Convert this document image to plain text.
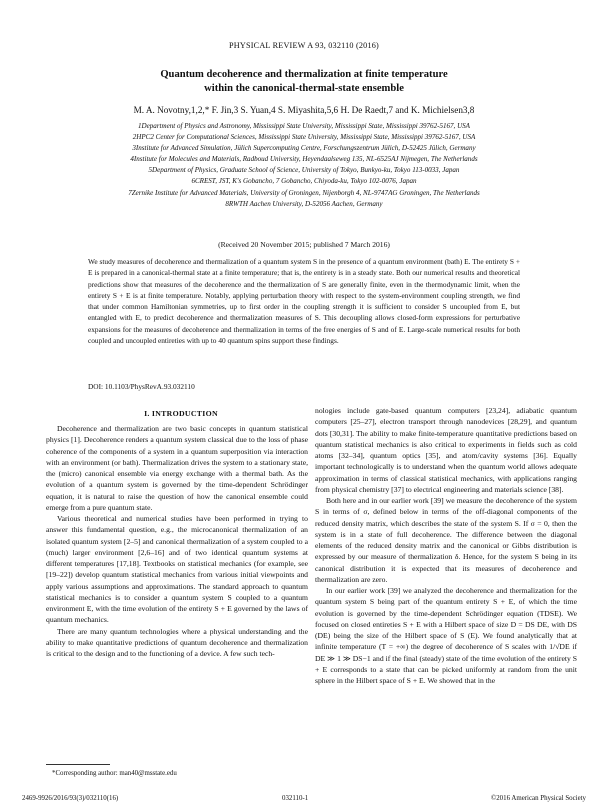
PHYSICAL REVIEW A 93, 032110 (2016)
Quantum decoherence and thermalization at finite temperature
within the canonical-thermal-state ensemble
M. A. Novotny,1,2,* F. Jin,3 S. Yuan,4 S. Miyashita,5,6 H. De Raedt,7 and K. Michielsen3,8
1Department of Physics and Astronomy, Mississippi State University, Mississippi State, Mississippi 39762-5167, USA
2HPC2 Center for Computational Sciences, Mississippi State University, Mississippi State, Mississippi 39762-5167, USA
3Institute for Advanced Simulation, Jülich Supercomputing Centre, Forschungszentrum Jülich, D-52425 Jülich, Germany
4Institute for Molecules and Materials, Radboud University, Heyendaalseweg 135, NL-6525AJ Nijmegen, The Netherlands
5Department of Physics, Graduate School of Science, University of Tokyo, Bunkyo-ku, Tokyo 113-0033, Japan
6CREST, JST, K's Gobancho, 7 Gobancho, Chiyoda-ku, Tokyo 102-0076, Japan
7Zernike Institute for Advanced Materials, University of Groningen, Nijenborgh 4, NL-9747AG Groningen, The Netherlands
8RWTH Aachen University, D-52056 Aachen, Germany
(Received 20 November 2015; published 7 March 2016)

We study measures of decoherence and thermalization of a quantum system S in the presence of a quantum environment (bath) E. The entirety S + E is prepared in a canonical-thermal state at a finite temperature; that is, the entirety is in a steady state. Both our numerical results and theoretical predictions show that measures of the decoherence and the thermalization of S are generally finite, even in the thermodynamic limit, when the entirety S + E is at finite temperature. Notably, applying perturbation theory with respect to the system-environment coupling strength, we find that under common Hamiltonian symmetries, up to first order in the coupling strength it is sufficient to consider S uncoupled from E, but entangled with E, to predict decoherence and thermalization measures of S. This decoupling allows closed-form expressions for perturbative expansions for the measures of decoherence and thermalization in terms of the free energies of S and of E. Large-scale numerical results for both coupled and uncoupled entireties with up to 40 quantum spins support these findings.

DOI: 10.1103/PhysRevA.93.032110
I. INTRODUCTION

Decoherence and thermalization are two basic concepts in quantum statistical physics [1]. Decoherence renders a quantum system classical due to the loss of phase coherence of the components of a system in a quantum superposition via interaction with an environment (or bath). Thermalization drives the system to a stationary state, the (micro) canonical ensemble via energy exchange with a thermal bath. As the evolution of a quantum system is governed by the time-dependent Schrödinger equation, it is natural to raise the question of how the canonical ensemble could emerge from a pure quantum state.

Various theoretical and numerical studies have been performed in trying to answer this fundamental question, e.g., the microcanonical thermalization of an isolated quantum system [2–5] and canonical thermalization of a system coupled to a (much) larger environment [2,6–16] and of two identical quantum systems at different temperatures [17,18]. Textbooks on statistical mechanics (for example, see [19–22]) develop quantum statistical mechanics from various initial viewpoints and apply various assumptions and approximations. The standard approach to quantum statistical mechanics is to consider a quantum system S coupled to a quantum environment E, with the time evolution of the entirety S + E governed by the laws of quantum mechanics.

There are many quantum technologies where a physical understanding and the ability to make quantitative predictions of quantum decoherence and thermalization is critical to the design and to the functioning of a device. A few such tech-

nologies include gate-based quantum computers [23,24], adiabatic quantum computers [25–27], electron transport through nanodevices [28,29], and quantum dots [30,31]. The ability to make finite-temperature quantitative predictions based on quantum statistical mechanics is also critical to experiments in fields such as cold atoms [32–34], quantum optics [35], and atom/cavity systems [36]. Equally important technologically is to understand when the quantum world allows adequate approximation in terms of classical statistical mechanics, with applications ranging from physical chemistry [37] to electrical engineering and materials science [38].

Both here and in our earlier work [39] we measure the decoherence of the system S in terms of σ, defined below in terms of the off-diagonal components of the reduced density matrix, which describes the state of the system S. If σ = 0, then the system is in a state of full decoherence. The difference between the diagonal elements of the reduced density matrix and the canonical or Gibbs distribution is expressed by our measure of thermalization δ. Hence, for the system S being in its canonical distribution it is expected that its measures of decoherence and thermalization are zero.

In our earlier work [39] we analyzed the decoherence and thermalization for the quantum system S being part of the quantum entirety S + E, of which the time evolution is governed by the time-dependent Schrödinger equation (TDSE). We focused on closed entireties S + E with a Hilbert space of size D = DS DE, with DS (DE) being the size of the Hilbert space of S (E). We found analytically that at infinite temperature (T = +∞) the degree of decoherence of S scales with 1/√DE if DE ≫ 1 ≫ DS−1 and if the final (steady) state of the time evolution of the entirety S + E corresponds to a state that can be picked uniformly at random from the unit sphere in the Hilbert space of S + E. We showed that in the

*Corresponding author: man40@msstate.edu
2469-9926/2016/93(3)/032110(16)	032110-1	©2016 American Physical Society
